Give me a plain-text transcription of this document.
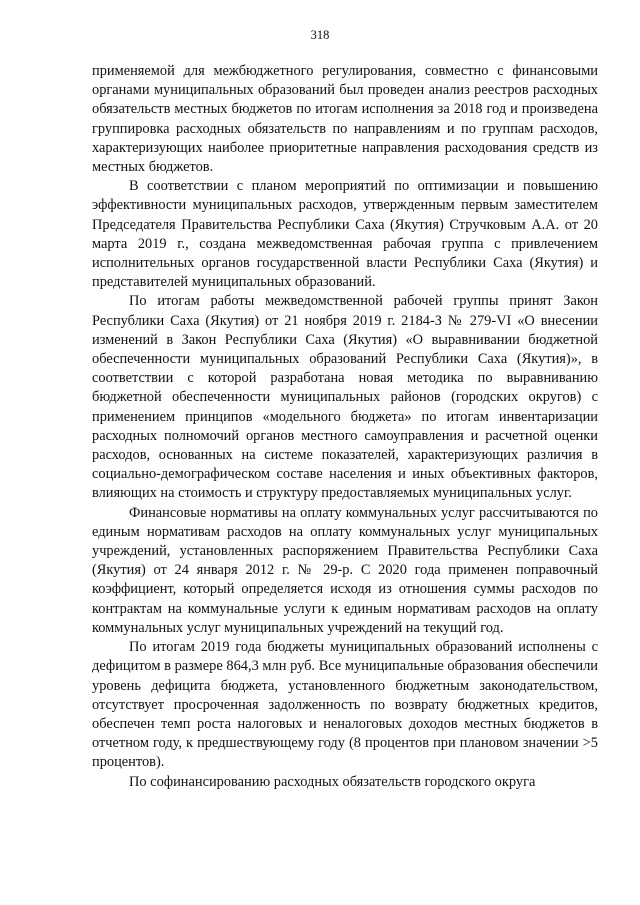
318

применяемой для межбюджетного регулирования, совместно с финансовыми органами муниципальных образований был проведен анализ реестров расходных обязательств местных бюджетов по итогам исполнения за 2018 год и произведена группировка расходных обязательств по направлениям и по группам расходов, характеризующих наиболее приоритетные направления расходования средств из местных бюджетов.

В соответствии с планом мероприятий по оптимизации и повышению эффективности муниципальных расходов, утвержденным первым заместителем Председателя Правительства Республики Саха (Якутия) Стручковым А.А. от 20 марта 2019 г., создана межведомственная рабочая группа с привлечением исполнительных органов государственной власти Республики Саха (Якутия) и представителей муниципальных образований.

По итогам работы межведомственной рабочей группы принят Закон Республики Саха (Якутия) от 21 ноября 2019 г. 2184-З № 279-VI «О внесении изменений в Закон Республики Саха (Якутия) «О выравнивании бюджетной обеспеченности муниципальных образований Республики Саха (Якутия)», в соответствии с которой разработана новая методика по выравниванию бюджетной обеспеченности муниципальных районов (городских округов) с применением принципов «модельного бюджета» по итогам инвентаризации расходных полномочий органов местного самоуправления и расчетной оценки расходов, основанных на системе показателей, характеризующих различия в социально-демографическом составе населения и иных объективных факторов, влияющих на стоимость и структуру предоставляемых муниципальных услуг.

Финансовые нормативы на оплату коммунальных услуг рассчитываются по единым нормативам расходов на оплату коммунальных услуг муниципальных учреждений, установленных распоряжением Правительства Республики Саха (Якутия) от 24 января 2012 г. № 29-р. С 2020 года применен поправочный коэффициент, который определяется исходя из отношения суммы расходов по контрактам на коммунальные услуги к единым нормативам расходов на оплату коммунальных услуг муниципальных учреждений на текущий год.

По итогам 2019 года бюджеты муниципальных образований исполнены с дефицитом в размере 864,3 млн руб. Все муниципальные образования обеспечили уровень дефицита бюджета, установленного бюджетным законодательством, отсутствует просроченная задолженность по возврату бюджетных кредитов, обеспечен темп роста налоговых и неналоговых доходов местных бюджетов в отчетном году, к предшествующему году (8 процентов при плановом значении >5 процентов).

По софинансированию расходных обязательств городского округа
